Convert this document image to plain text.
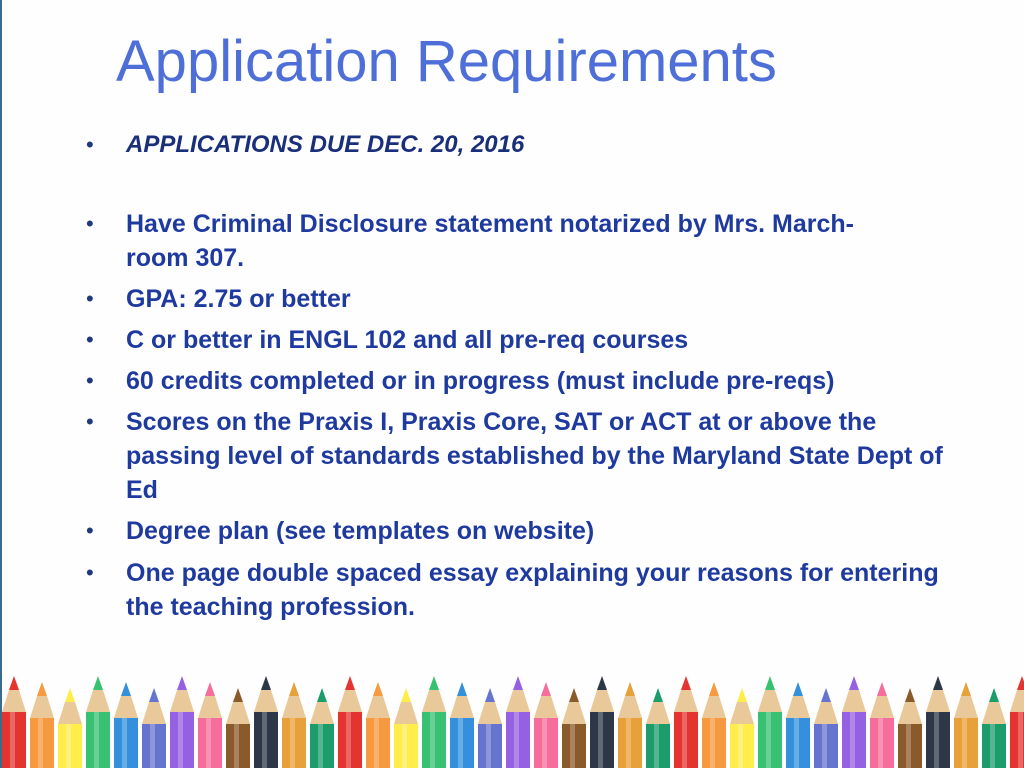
Application Requirements
• APPLICATIONS DUE DEC. 20, 2016
• Have Criminal Disclosure statement notarized by Mrs. March- room 307.
• GPA: 2.75 or better
• C or better in ENGL 102 and all pre-req courses
• 60 credits completed or in progress (must include pre-reqs)
• Scores on the Praxis I, Praxis Core, SAT or ACT at or above the passing level of standards established by the Maryland State Dept of Ed
• Degree plan (see templates on website)
• One page double spaced essay explaining your reasons for entering the teaching profession.
